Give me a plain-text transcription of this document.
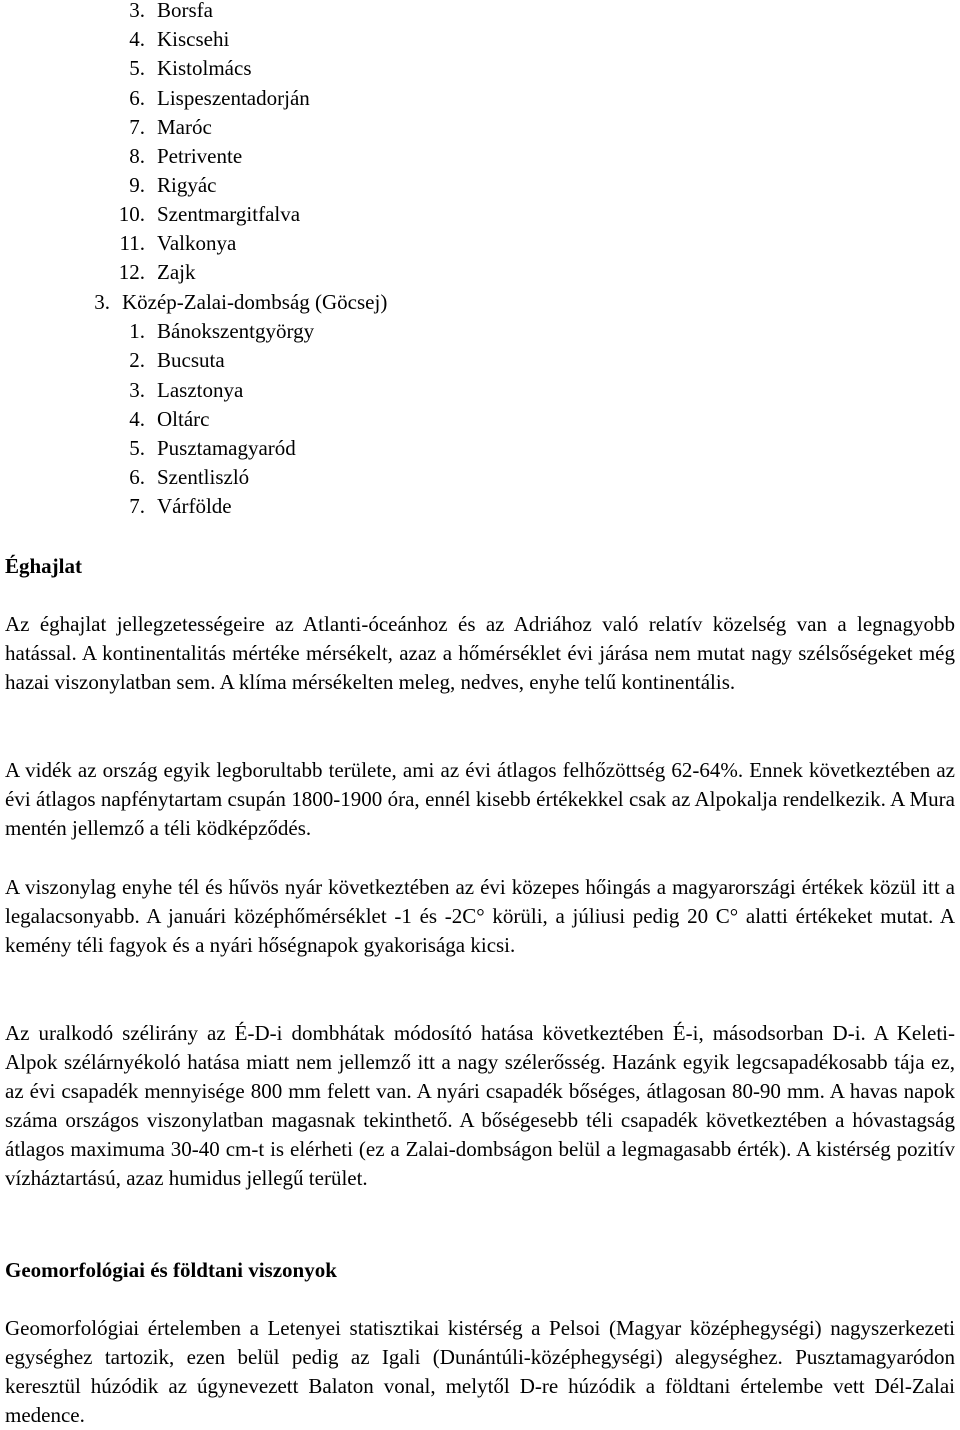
3. Borsfa
4. Kiscsehi
5. Kistolmács
6. Lispeszentadorján
7. Maróc
8. Petrivente
9. Rigyác
10. Szentmargitfalva
11. Valkonya
12. Zajk
3. Közép-Zalai-dombság (Göcsej)
1. Bánokszentgyörgy
2. Bucsuta
3. Lasztonya
4. Oltárc
5. Pusztamagyaród
6. Szentliszló
7. Várfölde
Éghajlat

Az éghajlat jellegzetességeire az Atlanti-óceánhoz és az Adriához való relatív közelség van a legnagyobb hatással. A kontinentalitás mértéke mérsékelt, azaz a hőmérséklet évi járása nem mutat nagy szélsőségeket még hazai viszonylatban sem. A klíma mérsékelten meleg, nedves, enyhe telű kontinentális.

A vidék az ország egyik legborultabb területe, ami az évi átlagos felhőzöttség 62-64%. Ennek következtében az évi átlagos napfénytartam csupán 1800-1900 óra, ennél kisebb értékekkel csak az Alpokalja rendelkezik. A Mura mentén jellemző a téli ködképződés.

A viszonylag enyhe tél és hűvös nyár következtében az évi közepes hőingás a magyarországi értékek közül itt a legalacsonyabb. A januári középhőmérséklet -1 és -2C° körüli, a júliusi pedig 20 C° alatti értékeket mutat. A kemény téli fagyok és a nyári hőségnapok gyakorisága kicsi.

Az uralkodó szélirány az É-D-i dombhátak módosító hatása következtében É-i, másodsorban D-i. A Keleti-Alpok szélárnyékoló hatása miatt nem jellemző itt a nagy szélerősség. Hazánk egyik legcsapadékosabb tája ez, az évi csapadék mennyisége 800 mm felett van. A nyári csapadék bőséges, átlagosan 80-90 mm. A havas napok száma országos viszonylatban magasnak tekinthető. A bőségesebb téli csapadék következtében a hóvastagság átlagos maximuma 30-40 cm-t is elérheti (ez a Zalai-dombságon belül a legmagasabb érték). A kistérség pozitív vízháztartású, azaz humidus jellegű terület.

Geomorfológiai és földtani viszonyok

Geomorfológiai értelemben a Letenyei statisztikai kistérség a Pelsoi (Magyar középhegységi) nagyszerkezeti egységhez tartozik, ezen belül pedig az Igali (Dunántúli-középhegységi) alegységhez. Pusztamagyaródon keresztül húzódik az úgynevezett Balaton vonal, melytől D-re húzódik a földtani értelembe vett Dél-Zalai medence.
